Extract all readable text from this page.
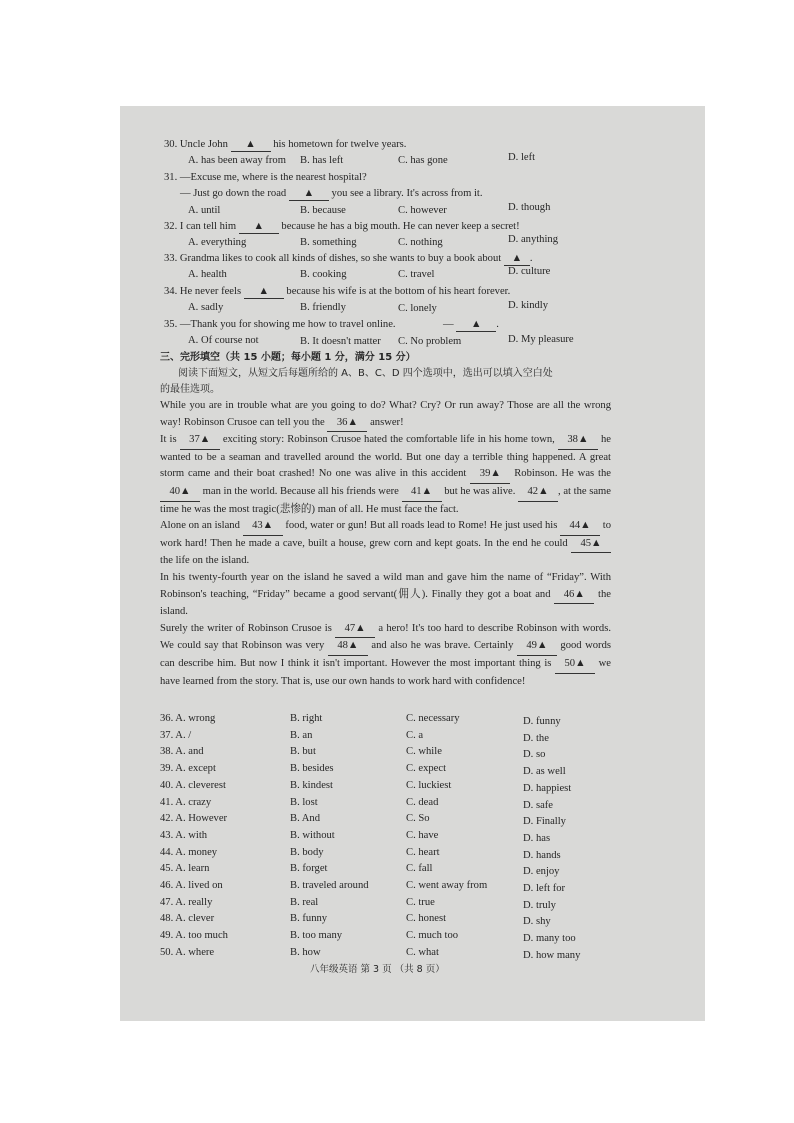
30. Uncle John ▲ his hometown for twelve years.
A. has been away from B. has left	C. has gone	D. left
31. —Excuse me, where is the nearest hospital?
— Just go down the road ▲ you see a library. It's across from it.
A. until	B. because	C. however	D. though
32. I can tell him ▲ because he has a big mouth. He can never keep a secret!
A. everything	B. something	C. nothing	D. anything
33. Grandma likes to cook all kinds of dishes, so she wants to buy a book about ▲ .
A. health	B. cooking	C. travel	D. culture
34. He never feels ▲ because his wife is at the bottom of his heart forever.
A. sadly	B. friendly	C. lonely	D. kindly
35. —Thank you for showing me how to travel online.	— ▲ .
A. Of course not	B. It doesn't matter C. No problem	D. My pleasure
三、完形填空（共 15 小题；每小题 1 分，满分 15 分）
阅读下面短文，从短文后每题所给的 A、B、C、D 四个选项中，选出可以填入空白处
的最佳选项。

While you are in trouble what are you going to do? What? Cry? Or run away? Those are all the wrong way! Robinson Crusoe can tell you the 36▲ answer!

It is 37▲ exciting story: Robinson Crusoe hated the comfortable life in his home town, 38▲ he wanted to be a seaman and travelled around the world. But one day a terrible thing happened. A great storm came and their boat crashed! No one was alive in this accident 39▲ Robinson. He was the 40▲ man in the world. Because all his friends were 41▲ but he was alive. 42▲ , at the same time he was the most tragic(悲惨的) man of all. He must face the fact.

Alone on an island 43▲ food, water or gun! But all roads lead to Rome! He just used his 44▲ to work hard! Then he made a cave, built a house, grew corn and kept goats. In the end he could 45▲ the life on the island.

In his twenty-fourth year on the island he saved a wild man and gave him the name of “Friday”. With Robinson's teaching, “Friday” became a good servant(佣人). Finally they got a boat and 46▲ the island.

Surely the writer of Robinson Crusoe is 47▲ a hero! It's too hard to describe Robinson with words. We could say that Robinson was very 48▲ and also he was brave. Certainly 49▲ good words can describe him. But now I think it isn't important. However the most important thing is 50▲ we have learned from the story. That is, use our own hands to work hard with confidence!

36. A. wrong	B. right	C. necessary	D. funny
37. A. /	B. an	C. a	D. the
38. A. and	B. but	C. while	D. so
39. A. except	B. besides	C. expect	D. as well
40. A. cleverest	B. kindest	C. luckiest	D. happiest
41. A. crazy	B. lost	C. dead	D. safe
42. A. However	B. And	C. So	D. Finally
43. A. with	B. without	C. have	D. has
44. A. money	B. body	C. heart	D. hands
45. A. learn	B. forget	C. fall	D. enjoy
46. A. lived on	B. traveled around	C. went away from	D. left for
47. A. really	B. real	C. true	D. truly
48. A. clever	B. funny	C. honest	D. shy
49. A. too much	B. too many	C. much too	D. many too
50. A. where	B. how	C. what	D. how many
八年级英语 第 3 页 （共 8 页）
